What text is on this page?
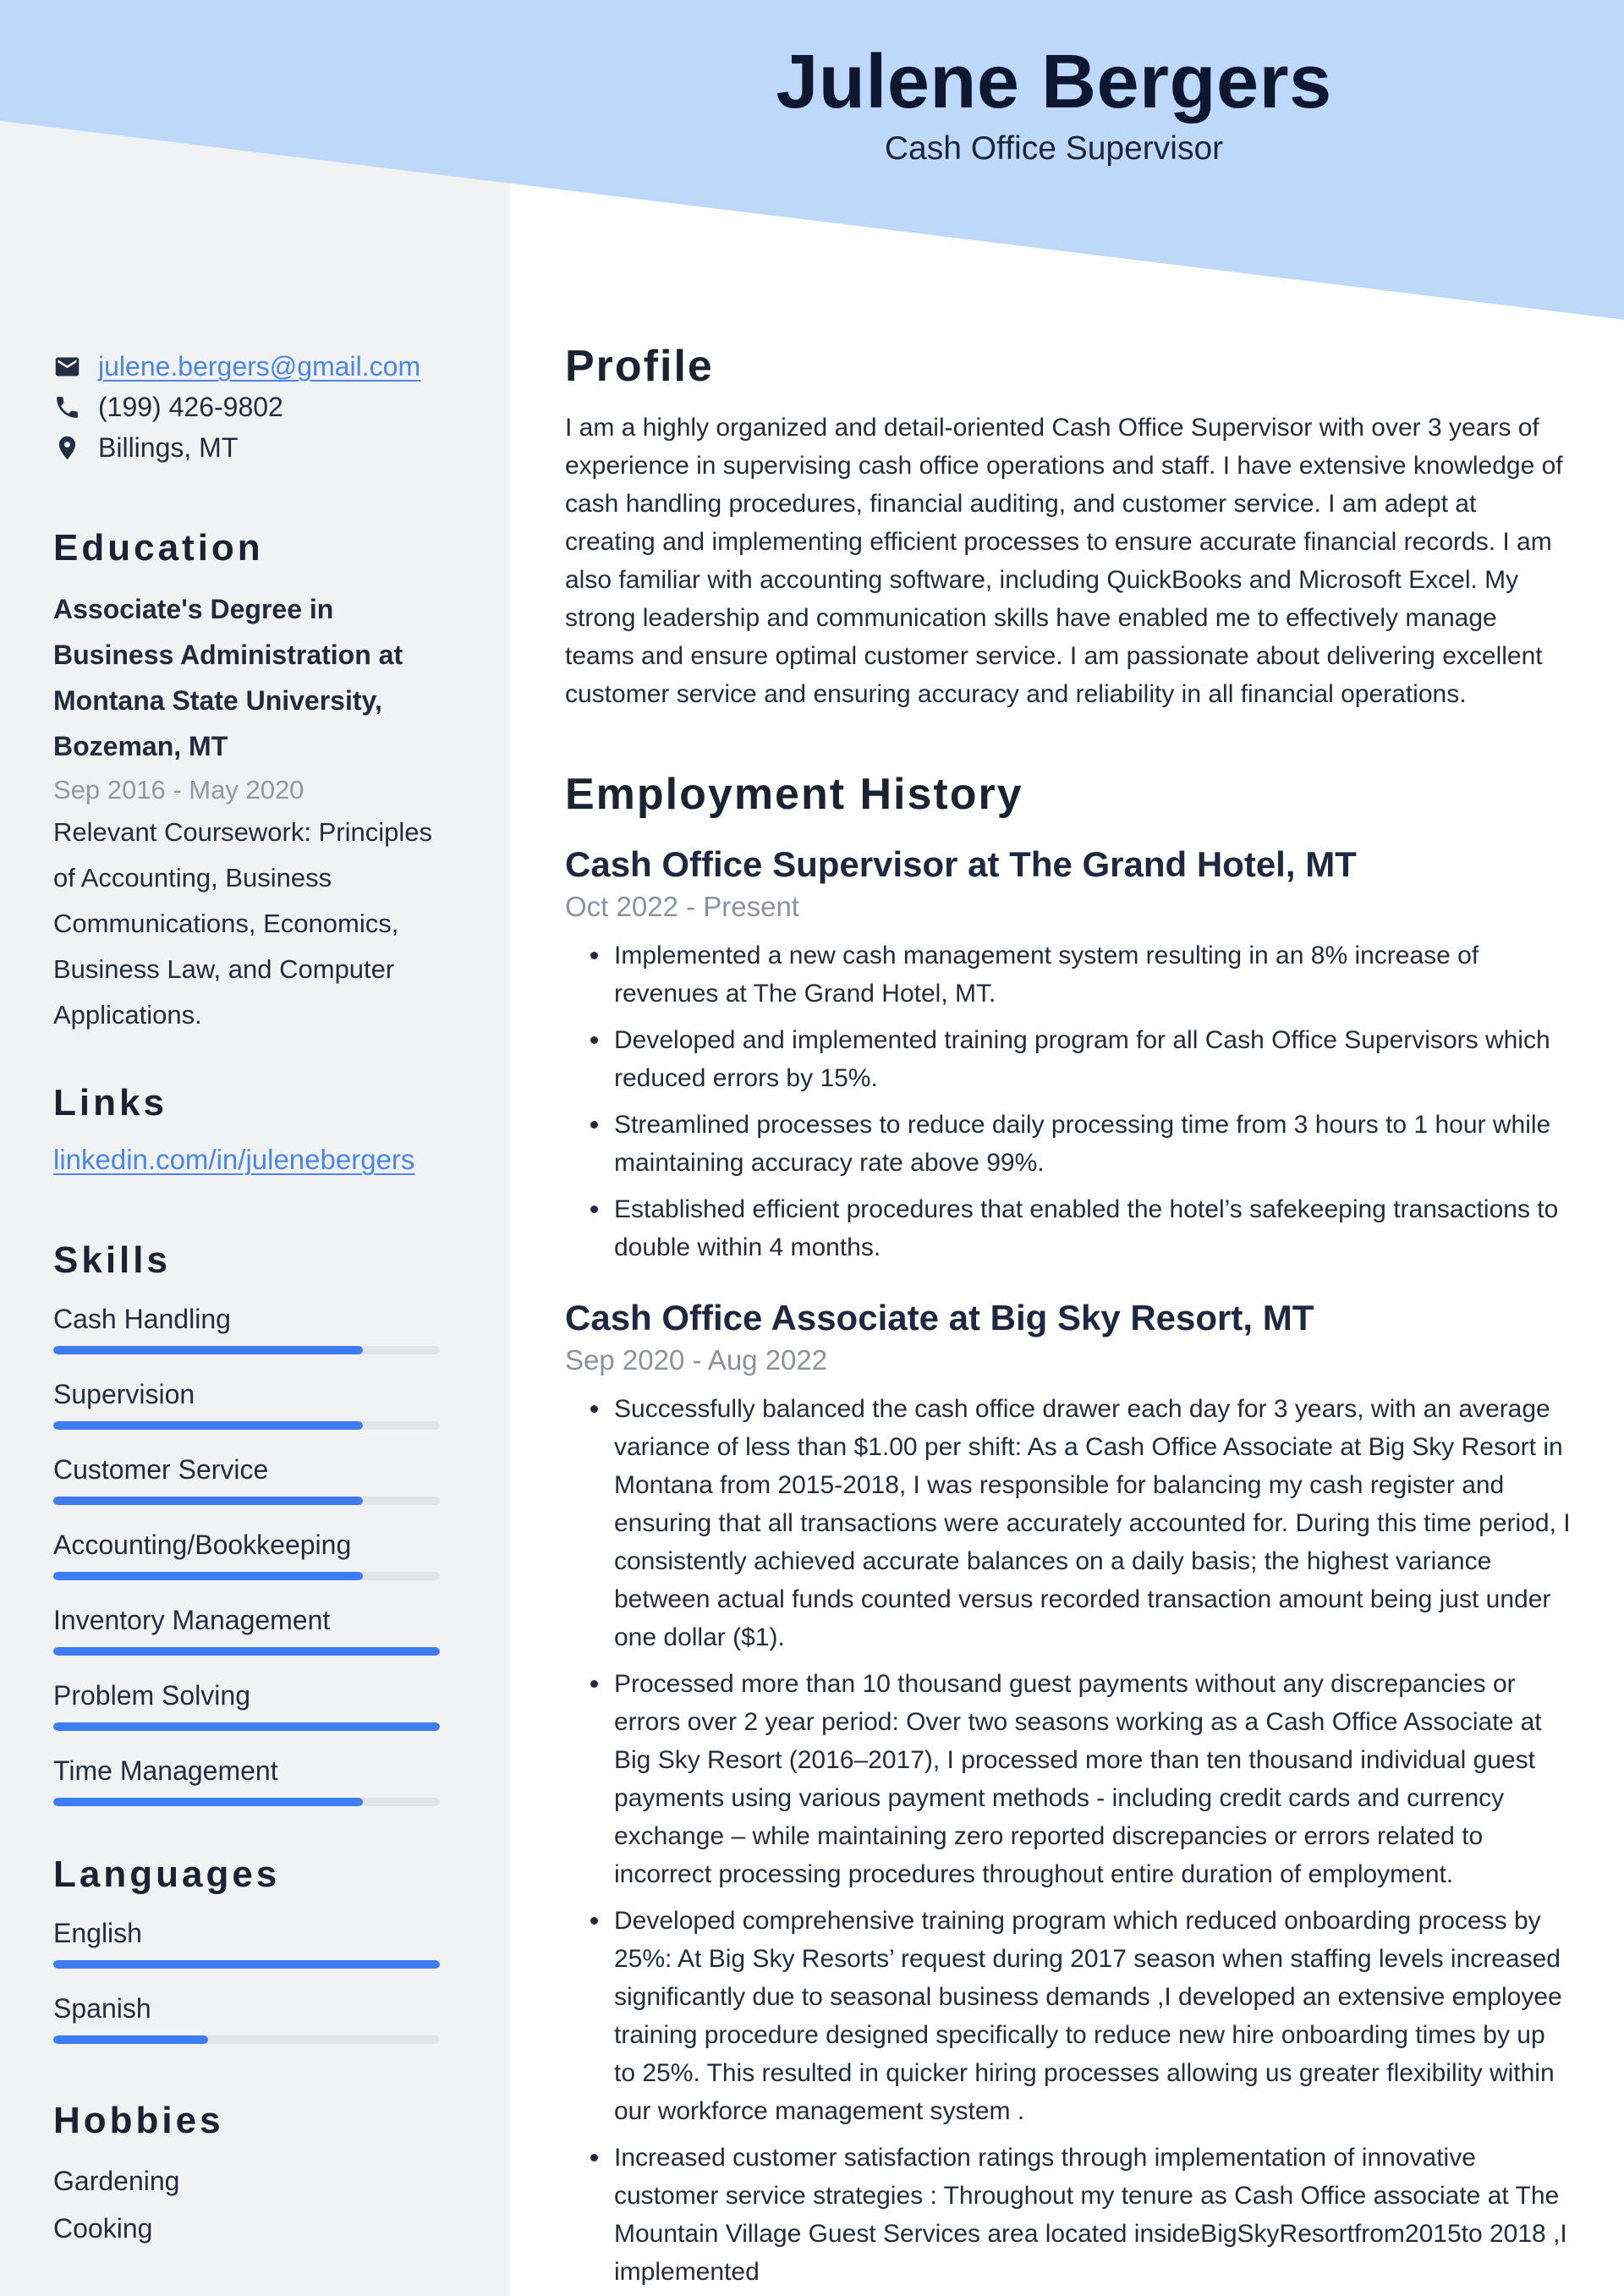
Julene Bergers
Cash Office Supervisor
julene.bergers@gmail.com
(199) 426-9802
Billings, MT
Education
Associate's Degree in Business Administration at Montana State University, Bozeman, MT
Sep 2016 - May 2020
Relevant Coursework: Principles of Accounting, Business Communications, Economics, Business Law, and Computer Applications.
Links
linkedin.com/in/julenebergers
Skills
Cash Handling
Supervision
Customer Service
Accounting/Bookkeeping
Inventory Management
Problem Solving
Time Management
Languages
English
Spanish
Hobbies
Gardening
Cooking
Profile

I am a highly organized and detail-oriented Cash Office Supervisor with over 3 years of experience in supervising cash office operations and staff. I have extensive knowledge of cash handling procedures, financial auditing, and customer service. I am adept at creating and implementing efficient processes to ensure accurate financial records. I am also familiar with accounting software, including QuickBooks and Microsoft Excel. My strong leadership and communication skills have enabled me to effectively manage teams and ensure optimal customer service. I am passionate about delivering excellent customer service and ensuring accuracy and reliability in all financial operations.

Employment History
Cash Office Supervisor at The Grand Hotel, MT
Oct 2022 - Present
Implemented a new cash management system resulting in an 8% increase of revenues at The Grand Hotel, MT.
Developed and implemented training program for all Cash Office Supervisors which reduced errors by 15%.
Streamlined processes to reduce daily processing time from 3 hours to 1 hour while maintaining accuracy rate above 99%.
Established efficient procedures that enabled the hotel’s safekeeping transactions to double within 4 months.
Cash Office Associate at Big Sky Resort, MT
Sep 2020 - Aug 2022
Successfully balanced the cash office drawer each day for 3 years, with an average variance of less than $1.00 per shift: As a Cash Office Associate at Big Sky Resort in Montana from 2015-2018, I was responsible for balancing my cash register and ensuring that all transactions were accurately accounted for. During this time period, I consistently achieved accurate balances on a daily basis; the highest variance between actual funds counted versus recorded transaction amount being just under one dollar ($1).
Processed more than 10 thousand guest payments without any discrepancies or errors over 2 year period: Over two seasons working as a Cash Office Associate at Big Sky Resort (2016–2017), I processed more than ten thousand individual guest payments using various payment methods - including credit cards and currency exchange – while maintaining zero reported discrepancies or errors related to incorrect processing procedures throughout entire duration of employment.
Developed comprehensive training program which reduced onboarding process by 25%: At Big Sky Resorts’ request during 2017 season when staffing levels increased significantly due to seasonal business demands ,I developed an extensive employee training procedure designed specifically to reduce new hire onboarding times by up to 25%. This resulted in quicker hiring processes allowing us greater flexibility within our workforce management system .
Increased customer satisfaction ratings through implementation of innovative customer service strategies : Throughout my tenure as Cash Office associate at The Mountain Village Guest Services area located insideBigSkyResortfrom2015to 2018 ,I implemented
